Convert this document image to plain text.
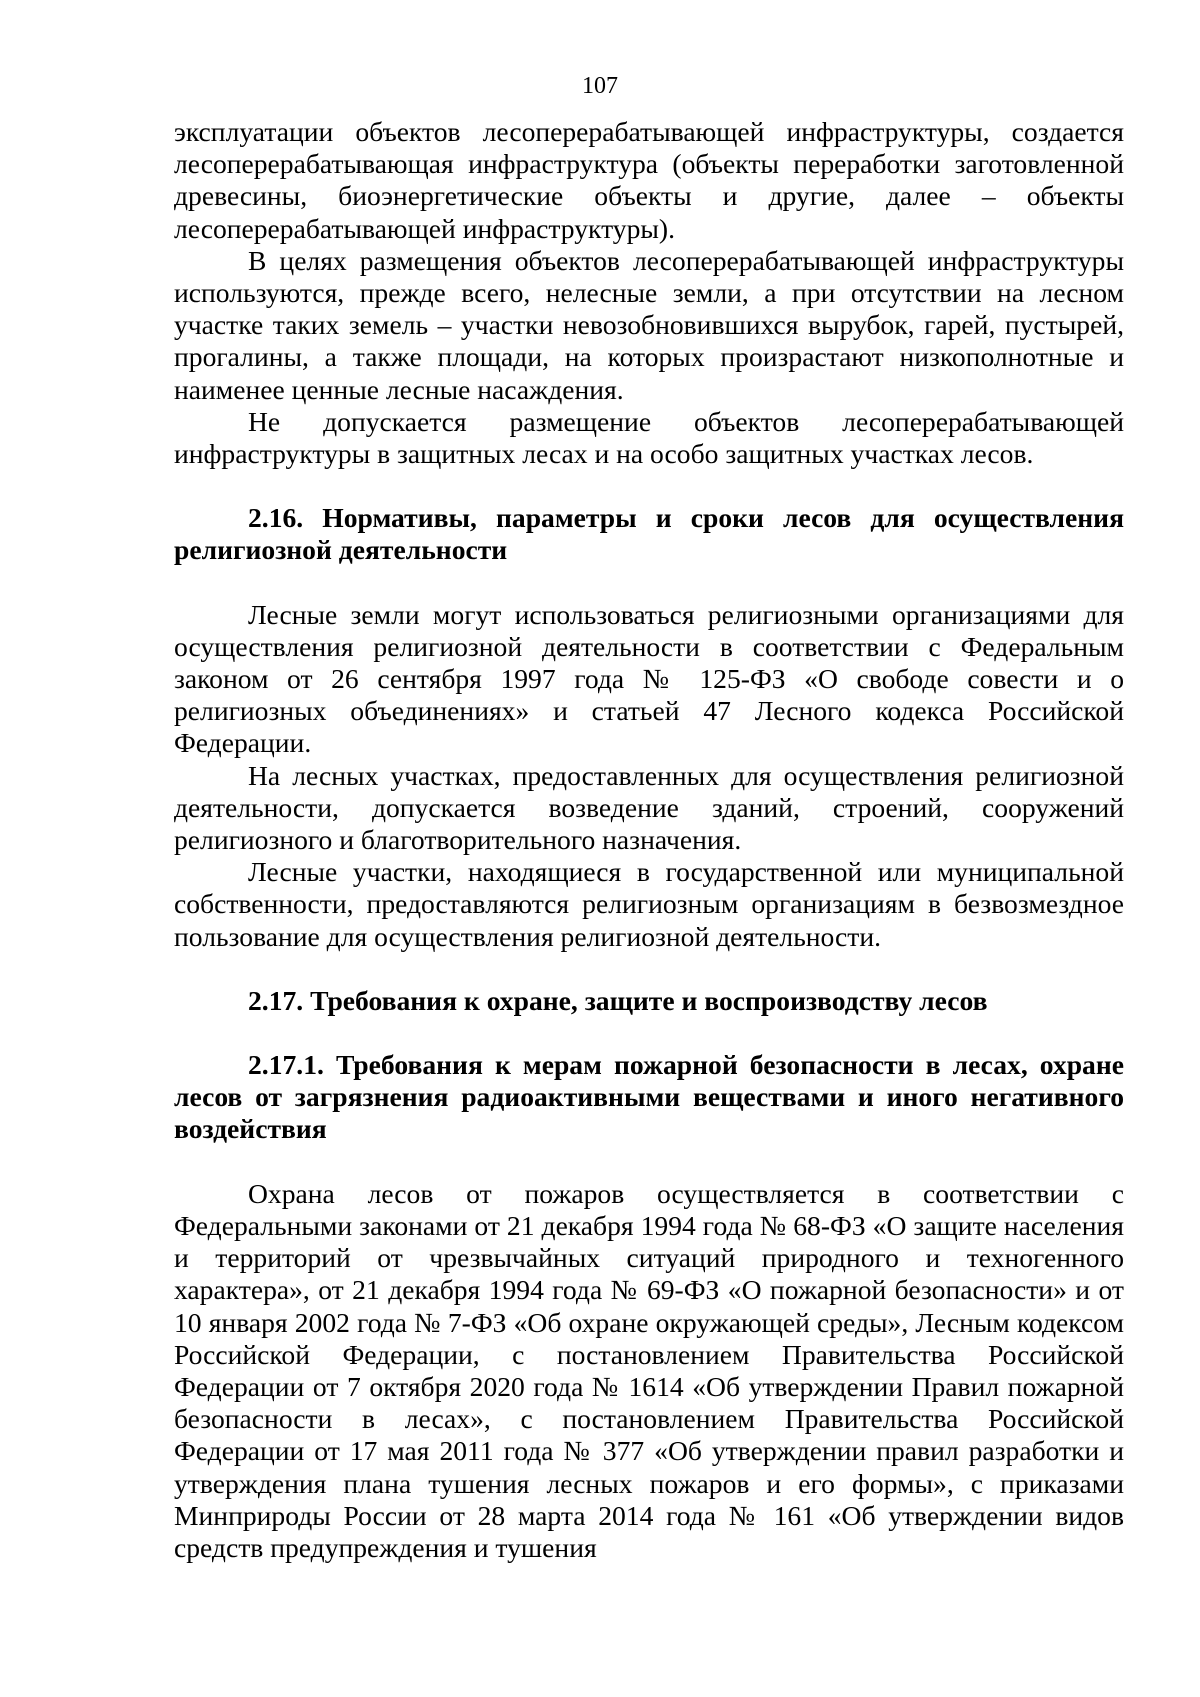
107

эксплуатации объектов лесоперерабатывающей инфраструктуры, создается лесоперерабатывающая инфраструктура (объекты переработки заготовленной древесины, биоэнергетические объекты и другие, далее – объекты лесоперерабатывающей инфраструктуры).

В целях размещения объектов лесоперерабатывающей инфраструктуры используются, прежде всего, нелесные земли, а при отсутствии на лесном участке таких земель – участки невозобновившихся вырубок, гарей, пустырей, прогалины, а также площади, на которых произрастают низкополнотные и наименее ценные лесные насаждения.

Не допускается размещение объектов лесоперерабатывающей инфраструктуры в защитных лесах и на особо защитных участках лесов.

2.16. Нормативы, параметры и сроки лесов для осуществления религиозной деятельности

Лесные земли могут использоваться религиозными организациями для осуществления религиозной деятельности в соответствии с Федеральным законом от 26 сентября 1997 года № 125-ФЗ «О свободе совести и о религиозных объединениях» и статьей 47 Лесного кодекса Российской Федерации.

На лесных участках, предоставленных для осуществления религиозной деятельности, допускается возведение зданий, строений, сооружений религиозного и благотворительного назначения.

Лесные участки, находящиеся в государственной или муниципальной собственности, предоставляются религиозным организациям в безвозмездное пользование для осуществления религиозной деятельности.

2.17. Требования к охране, защите и воспроизводству лесов

2.17.1. Требования к мерам пожарной безопасности в лесах, охране лесов от загрязнения радиоактивными веществами и иного негативного воздействия

Охрана лесов от пожаров осуществляется в соответствии с Федеральными законами от 21 декабря 1994 года № 68-ФЗ «О защите населения и территорий от чрезвычайных ситуаций природного и техногенного характера», от 21 декабря 1994 года № 69-ФЗ «О пожарной безопасности» и от 10 января 2002 года № 7-ФЗ «Об охране окружающей среды», Лесным кодексом Российской Федерации, с постановлением Правительства Российской Федерации от 7 октября 2020 года № 1614 «Об утверждении Правил пожарной безопасности в лесах», с постановлением Правительства Российской Федерации от 17 мая 2011 года № 377 «Об утверждении правил разработки и утверждения плана тушения лесных пожаров и его формы», с приказами Минприроды России от 28 марта 2014 года № 161 «Об утверждении видов средств предупреждения и тушения
